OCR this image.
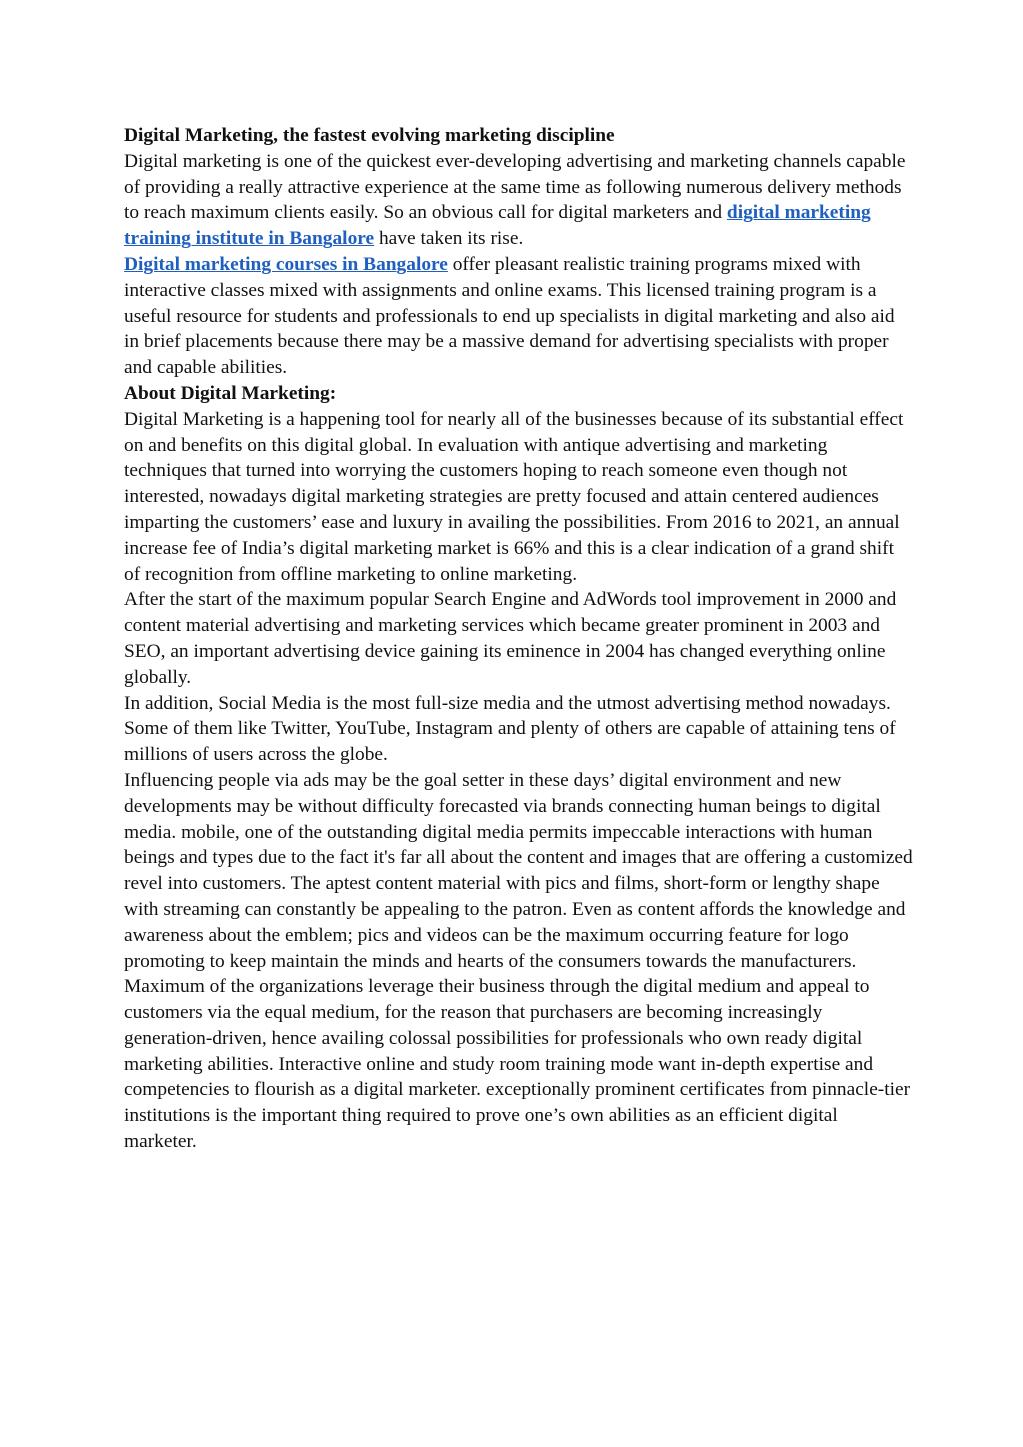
Digital Marketing, the fastest evolving marketing discipline

Digital marketing is one of the quickest ever-developing advertising and marketing channels capable of providing a really attractive experience at the same time as following numerous delivery methods to reach maximum clients easily. So an obvious call for digital marketers and digital marketing training institute in Bangalore have taken its rise.

Digital marketing courses in Bangalore offer pleasant realistic training programs mixed with interactive classes mixed with assignments and online exams. This licensed training program is a useful resource for students and professionals to end up specialists in digital marketing and also aid in brief placements because there may be a massive demand for advertising specialists with proper and capable abilities.

About Digital Marketing:

Digital Marketing is a happening tool for nearly all of the businesses because of its substantial effect on and benefits on this digital global. In evaluation with antique advertising and marketing techniques that turned into worrying the customers hoping to reach someone even though not interested, nowadays digital marketing strategies are pretty focused and attain centered audiences imparting the customers’ ease and luxury in availing the possibilities. From 2016 to 2021, an annual increase fee of India’s digital marketing market is 66% and this is a clear indication of a grand shift of recognition from offline marketing to online marketing.

After the start of the maximum popular Search Engine and AdWords tool improvement in 2000 and content material advertising and marketing services which became greater prominent in 2003 and SEO, an important advertising device gaining its eminence in 2004 has changed everything online globally.

In addition, Social Media is the most full-size media and the utmost advertising method nowadays. Some of them like Twitter, YouTube, Instagram and plenty of others are capable of attaining tens of millions of users across the globe.

Influencing people via ads may be the goal setter in these days’ digital environment and new developments may be without difficulty forecasted via brands connecting human beings to digital media. mobile, one of the outstanding digital media permits impeccable interactions with human beings and types due to the fact it's far all about the content and images that are offering a customized revel into customers. The aptest content material with pics and films, short-form or lengthy shape with streaming can constantly be appealing to the patron. Even as content affords the knowledge and awareness about the emblem; pics and videos can be the maximum occurring feature for logo promoting to keep maintain the minds and hearts of the consumers towards the manufacturers.

Maximum of the organizations leverage their business through the digital medium and appeal to customers via the equal medium, for the reason that purchasers are becoming increasingly generation-driven, hence availing colossal possibilities for professionals who own ready digital marketing abilities. Interactive online and study room training mode want in-depth expertise and competencies to flourish as a digital marketer. exceptionally prominent certificates from pinnacle-tier institutions is the important thing required to prove one’s own abilities as an efficient digital marketer.
